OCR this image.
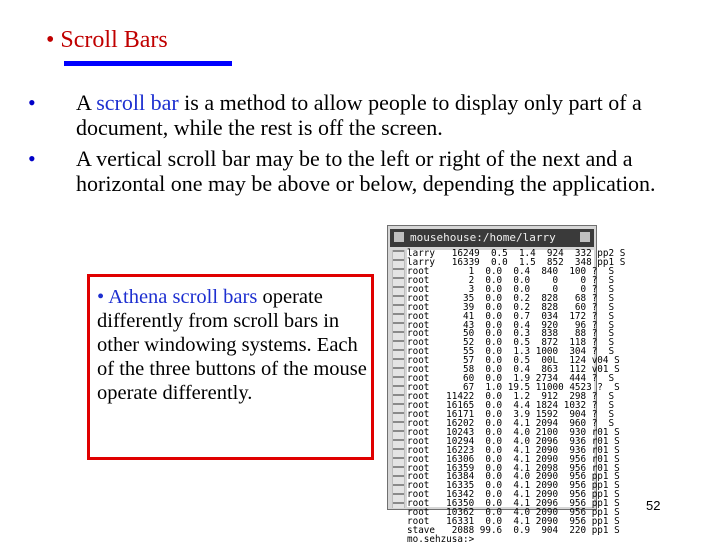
• Scroll Bars
• A scroll bar is a method to allow people to display only part of a document, while the rest is off the screen.
• A vertical scroll bar may be to the left or right of the next and a horizontal one may be above or below, depending the application.
mousehouse:/home/larry
larry   16249  0.5  1.4  924  332 pp2 S
larry   16339  0.0  1.5  852  348 pp1 S
root       1  0.0  0.4  840  100 ?  S
root       2  0.0  0.0    0    0 ?  S
root       3  0.0  0.0    0    0 ?  S
root      35  0.0  0.2  828   68 ?  S
root      39  0.0  0.2  828   60 ?  S
root      41  0.0  0.7  034  172 ?  S
root      43  0.0  0.4  920   96 ?  S
root      50  0.0  0.3  838   88 ?  S
root      52  0.0  0.5  872  118 ?  S
root      55  0.0  1.3 1000  304 ?  S
root      57  0.0  0.5  00L  124 v04 S
root      58  0.0  0.4  863  112 v01 S
root      60  0.0  1.9 2734  444 ?  S
root      67  1.0 19.5 11000 4523 ?  S
root   11422  0.0  1.2  912  298 ?  S
root   16165  0.0  4.4 1824 1032 ?  S
root   16171  0.0  3.9 1592  904 ?  S
root   16202  0.0  4.1 2094  960 ?  S
root   10243  0.0  4.0 2100  930 r01 S
root   10294  0.0  4.0 2096  936 r01 S
root   16223  0.0  4.1 2090  936 r01 S
root   16306  0.0  4.1 2090  956 r01 S
root   16359  0.0  4.1 2098  956 r01 S
root   16384  0.0  4.0 2090  956 pp1 S
root   16335  0.0  4.1 2090  956 pp1 S
root   16342  0.0  4.1 2090  956 pp1 S
root   16350  0.0  4.1 2096  956 pp1 S
root   10362  0.0  4.0 2090  956 pp1 S
root   16331  0.0  4.1 2090  956 pp1 S
stave   2088 99.6  0.9  904  220 pp1 S
mo.sehzusa:>
• Athena scroll bars operate differently from scroll bars in other windowing systems. Each of the three buttons of the mouse operate differently.
52
